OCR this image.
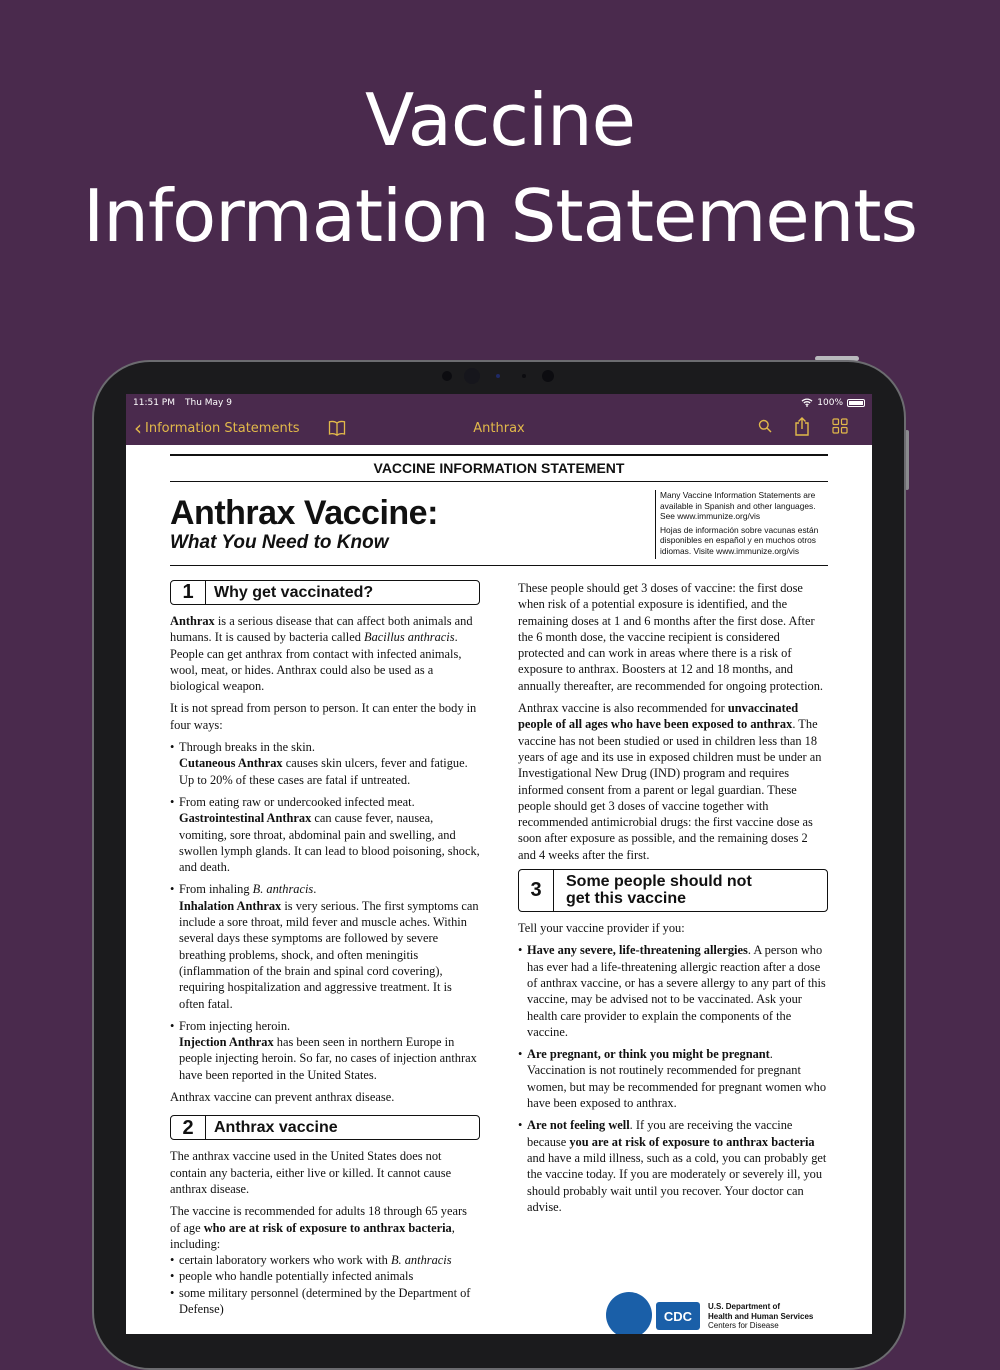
Vaccine
Information Statements
11:51 PM Thu May 9	100%
‹ Information Statements	Anthrax
VACCINE INFORMATION STATEMENT
Anthrax Vaccine:
What You Need to Know

Many Vaccine Information Statements are available in Spanish and other languages. See www.immunize.org/vis

Hojas de información sobre vacunas están disponibles en español y en muchos otros idiomas. Visite www.immunize.org/vis

1	Why get vaccinated?

Anthrax is a serious disease that can affect both animals and humans. It is caused by bacteria called Bacillus anthracis. People can get anthrax from contact with infected animals, wool, meat, or hides. Anthrax could also be used as a biological weapon.

It is not spread from person to person. It can enter the body in four ways:

• Through breaks in the skin.
Cutaneous Anthrax causes skin ulcers, fever and fatigue. Up to 20% of these cases are fatal if untreated.
• From eating raw or undercooked infected meat.
Gastrointestinal Anthrax can cause fever, nausea, vomiting, sore throat, abdominal pain and swelling, and swollen lymph glands. It can lead to blood poisoning, shock, and death.
• From inhaling B. anthracis.
Inhalation Anthrax is very serious. The first symptoms can include a sore throat, mild fever and muscle aches. Within several days these symptoms are followed by severe breathing problems, shock, and often meningitis (inflammation of the brain and spinal cord covering), requiring hospitalization and aggressive treatment. It is often fatal.
• From injecting heroin.
Injection Anthrax has been seen in northern Europe in people injecting heroin. So far, no cases of injection anthrax have been reported in the United States.

Anthrax vaccine can prevent anthrax disease.

2	Anthrax vaccine

The anthrax vaccine used in the United States does not contain any bacteria, either live or killed. It cannot cause anthrax disease.

The vaccine is recommended for adults 18 through 65 years of age who are at risk of exposure to anthrax bacteria, including:

• certain laboratory workers who work with B. anthracis
• people who handle potentially infected animals
• some military personnel (determined by the Department of Defense)

These people should get 3 doses of vaccine: the first dose when risk of a potential exposure is identified, and the remaining doses at 1 and 6 months after the first dose. After the 6 month dose, the vaccine recipient is considered protected and can work in areas where there is a risk of exposure to anthrax. Boosters at 12 and 18 months, and annually thereafter, are recommended for ongoing protection.

Anthrax vaccine is also recommended for unvaccinated people of all ages who have been exposed to anthrax. The vaccine has not been studied or used in children less than 18 years of age and its use in exposed children must be under an Investigational New Drug (IND) program and requires informed consent from a parent or legal guardian. These people should get 3 doses of vaccine together with recommended antimicrobial drugs: the first vaccine dose as soon after exposure as possible, and the remaining doses 2 and 4 weeks after the first.

3	Some people should not get this vaccine

Tell your vaccine provider if you:

• Have any severe, life-threatening allergies. A person who has ever had a life-threatening allergic reaction after a dose of anthrax vaccine, or has a severe allergy to any part of this vaccine, may be advised not to be vaccinated. Ask your health care provider to explain the components of the vaccine.
• Are pregnant, or think you might be pregnant. Vaccination is not routinely recommended for pregnant women, but may be recommended for pregnant women who have been exposed to anthrax.
• Are not feeling well. If you are receiving the vaccine because you are at risk of exposure to anthrax bacteria and have a mild illness, such as a cold, you can probably get the vaccine today. If you are moderately or severely ill, you should probably wait until you recover. Your doctor can advise.
CDC
U.S. Department of
Health and Human Services
Centers for Disease
